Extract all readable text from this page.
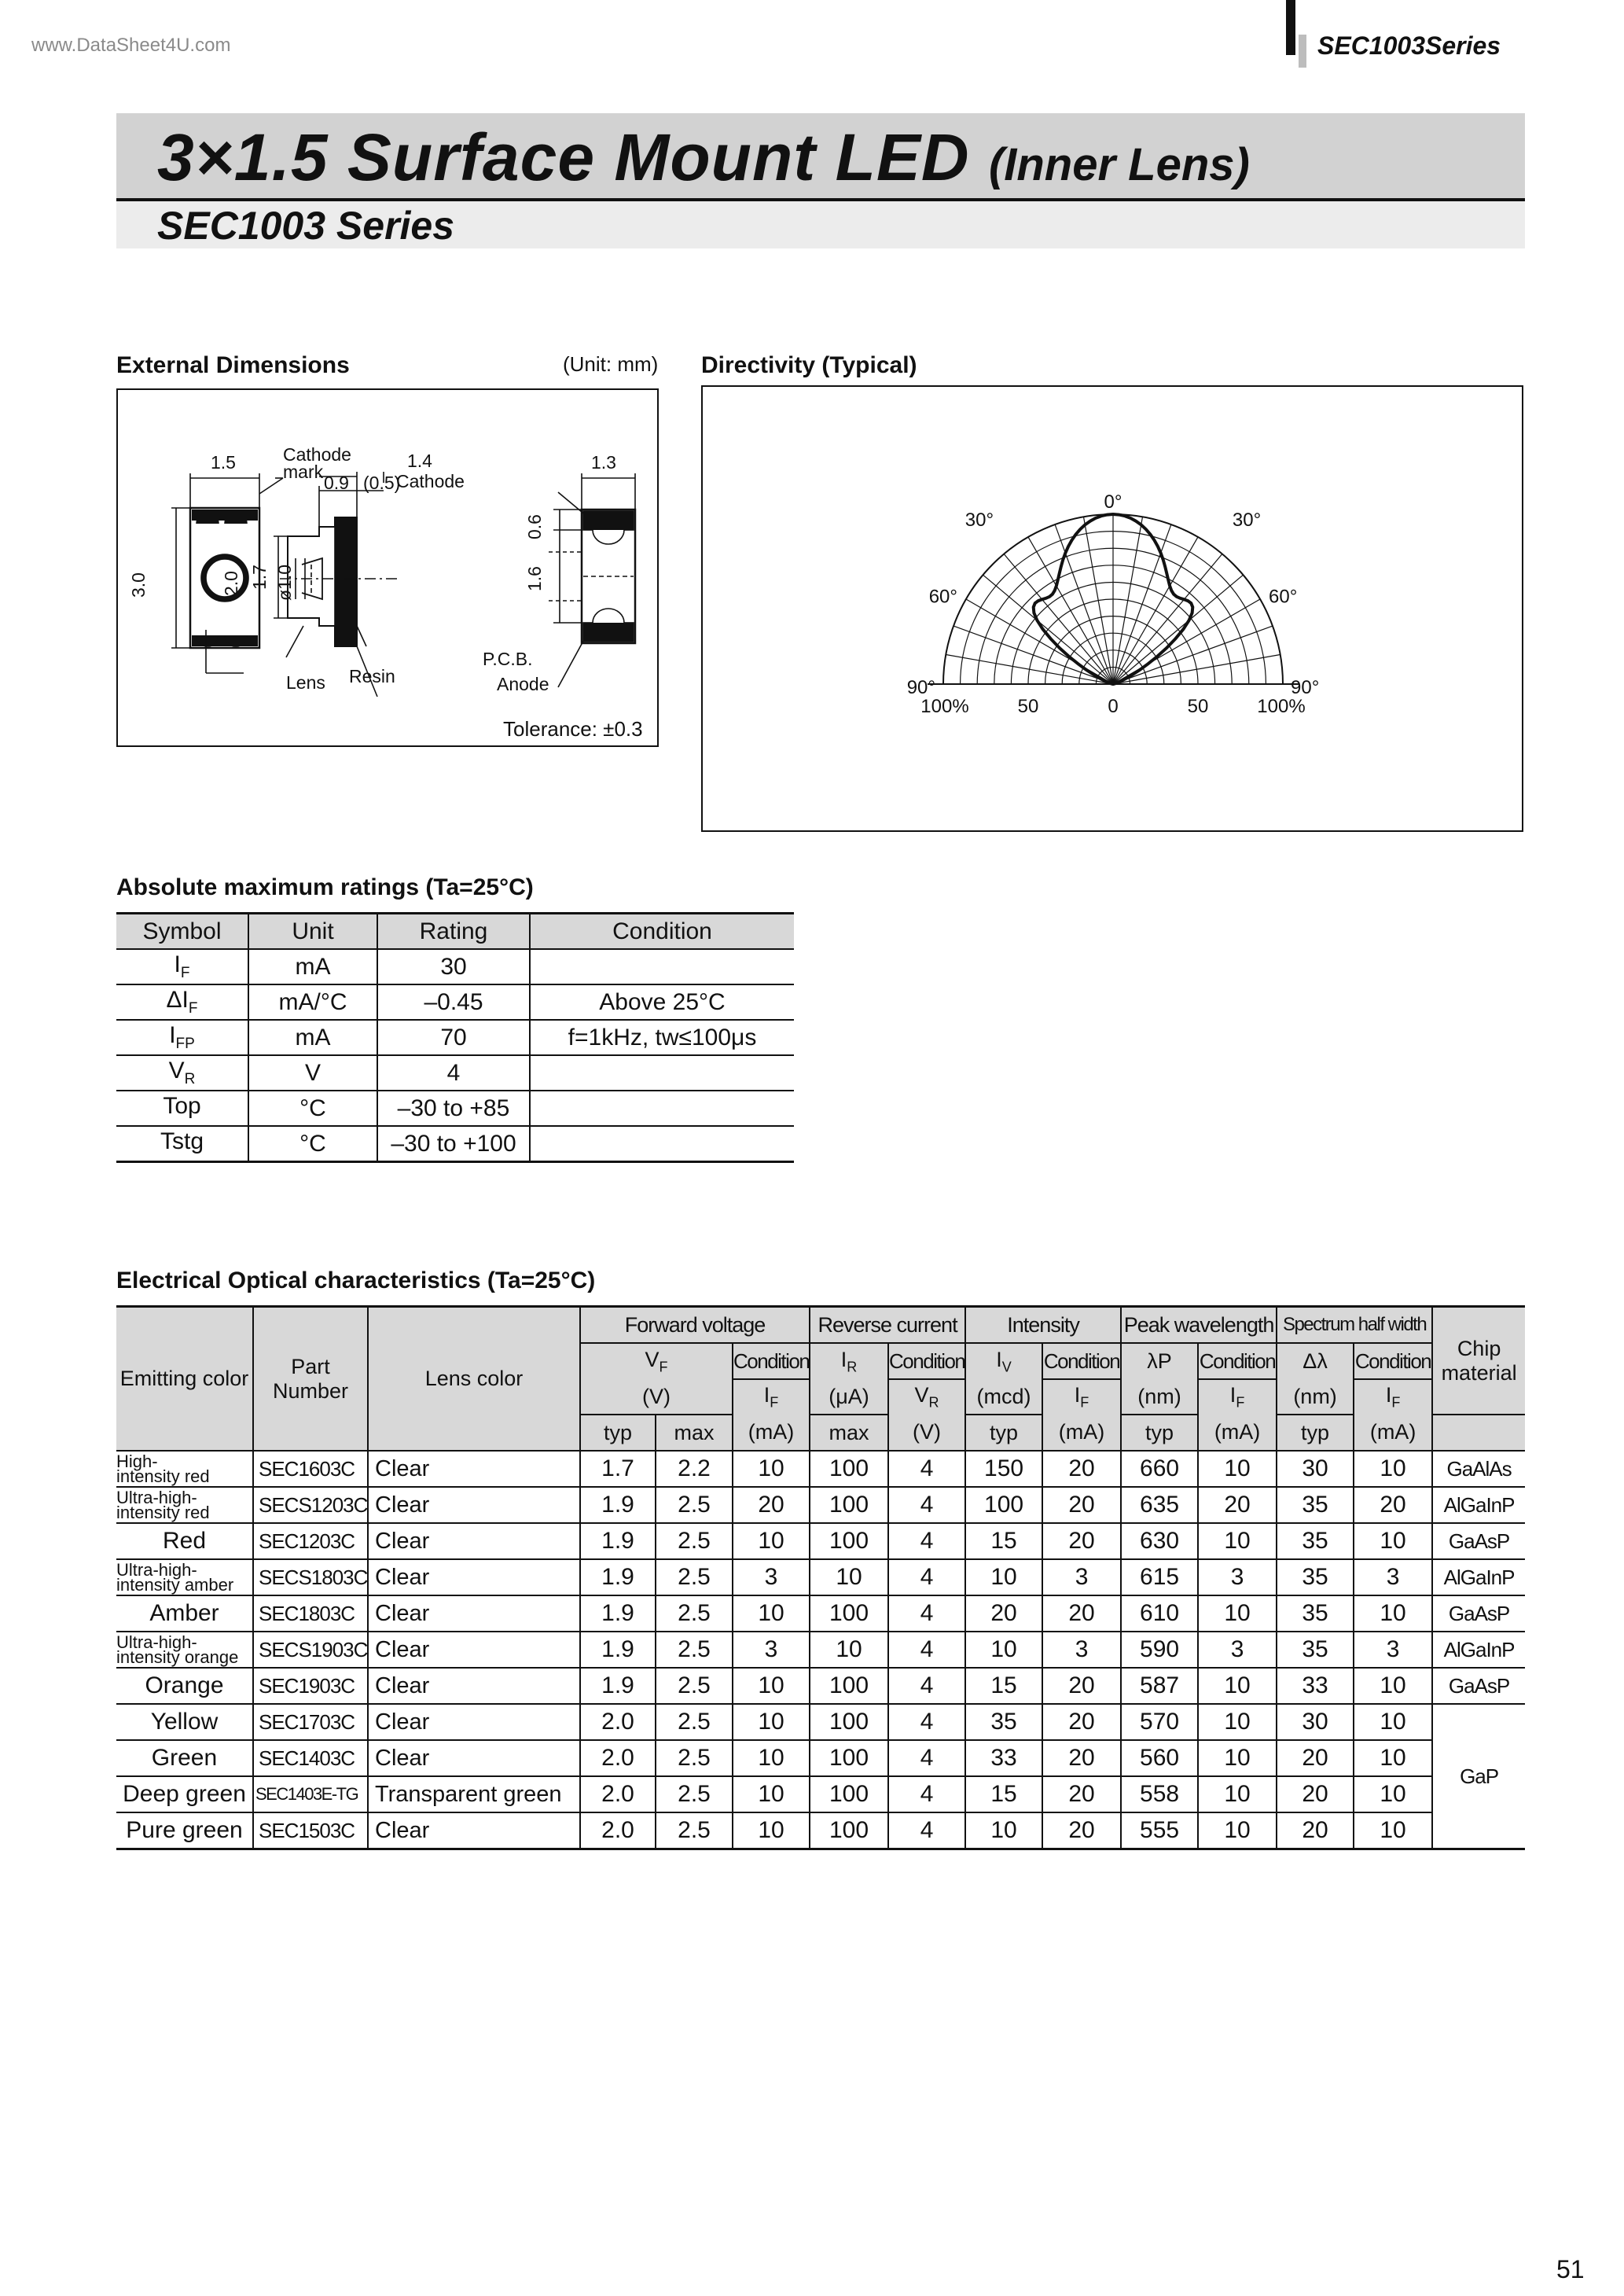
www.DataSheet4U.com	SEC1003Series
3×1.5 Surface Mount LED (Inner Lens)
SEC1003 Series
External Dimensions	(Unit: mm)
1.5	Cathode
mark
1.4
Cathode
0.9 (0.5)
1.3
3.0	2.0 1.7 ø1.0
0.6
1.6
Lens Resin
P.C.B.
Anode
Tolerance: ±0.3
Directivity (Typical)
0°
30°	30°
60°	60°
90°	90°
100%	50	0	50	100%
Absolute maximum ratings (Ta=25°C)
Symbol	Unit	Rating	Condition
$I_F$	mA	30	
$\Delta I_F$	mA/°C	–0.45	Above 25°C
$I_{FP}$	mA	70	f=1kHz, tw≤100μs
$V_R$	V	4	
Top	°C	–30 to +85	
Tstg	°C	–30 to +100	
Electrical Optical characteristics (Ta=25°C)
Emitting color	Part
Number	Lens color	Forward voltage			Reverse current		Intensity		Peak wavelength		Spectrum half width		Chip
material
			$V_F$		Condition	$I_R$	Condition	$I_V$	Condition	λP	Condition	Δλ	Condition	
			(V)		$I_F$	(μA)	$V_R$	(mcd)	$I_F$	(nm)	$I_F$	(nm)	$I_F$
			typ	max	(mA)	max	(V)	typ	(mA)	typ	(mA)	typ	(mA)	
High-
intensity red	SEC1603C	Clear	1.7	2.2	10	100	4	150	20	660	10	30	10	GaAlAs
Ultra-high-
intensity red	SECS1203C	Clear	1.9	2.5	20	100	4	100	20	635	20	35	20	AlGaInP
Red	SEC1203C	Clear	1.9	2.5	10	100	4	15	20	630	10	35	10	GaAsP
Ultra-high-
intensity amber	SECS1803C	Clear	1.9	2.5	3	10	4	10	3	615	3	35	3	AlGaInP
Amber	SEC1803C	Clear	1.9	2.5	10	100	4	20	20	610	10	35	10	GaAsP
Ultra-high-
intensity orange	SECS1903C	Clear	1.9	2.5	3	10	4	10	3	590	3	35	3	AlGaInP
Orange	SEC1903C	Clear	1.9	2.5	10	100	4	15	20	587	10	33	10	GaAsP
Yellow	SEC1703C	Clear	2.0	2.5	10	100	4	35	20	570	10	30	10	GaP
Green	SEC1403C	Clear	2.0	2.5	10	100	4	33	20	560	10	20	10	
Deep green	SEC1403E-TG	Transparent green	2.0	2.5	10	100	4	15	20	558	10	20	10	
Pure green	SEC1503C	Clear	2.0	2.5	10	100	4	10	20	555	10	20	10	
51
